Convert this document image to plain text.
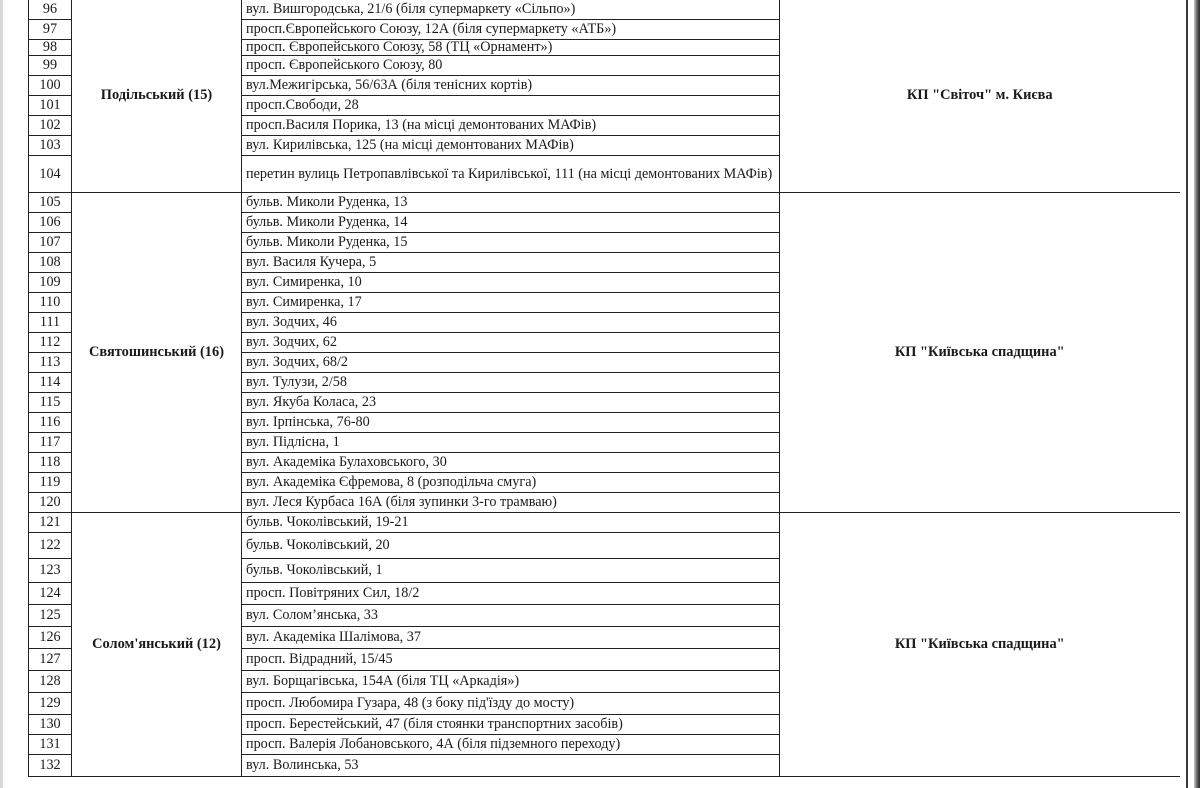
96	Подільський (15)	вул. Вишгородська, 21/6 (біля супермаркету «Сільпо»)	КП "Світоч" м. Києва
97		просп.Європейського Союзу, 12А (біля супермаркету «АТБ»)	
98		просп. Європейського Союзу, 58 (ТЦ «Орнамент»)	
99		просп. Європейського Союзу, 80	
100		вул.Межигірська, 56/63А (біля тенісних кортів)	
101		просп.Свободи, 28	
102		просп.Василя Порика, 13 (на місці демонтованих МАФів)	
103		вул. Кирилівська, 125 (на місці демонтованих МАФів)	
104		перетин вулиць Петропавлівської та Кирилівської, 111 (на місці демонтованих МАФів)	
105	Святошинський (16)	бульв. Миколи Руденка, 13	КП "Київська спадщина"
106		бульв. Миколи Руденка, 14	
107		бульв. Миколи Руденка, 15	
108		вул. Василя Кучера, 5	
109		вул. Симиренка, 10	
110		вул. Симиренка, 17	
111		вул. Зодчих, 46	
112		вул. Зодчих, 62	
113		вул. Зодчих, 68/2	
114		вул. Тулузи, 2/58	
115		вул. Якуба Коласа, 23	
116		вул. Ірпінська, 76-80	
117		вул. Підлісна, 1	
118		вул. Академіка Булаховського, 30	
119		вул. Академіка Єфремова, 8 (розподільча смуга)	
120		вул. Леся Курбаса 16А (біля зупинки 3-го трамваю)	
121	Солом'янський (12)	бульв. Чоколівський, 19-21	КП "Київська спадщина"
122		бульв. Чоколівський, 20	
123		бульв. Чоколівський, 1	
124		просп. Повітряних Сил, 18/2	
125		вул. Солом’янська, 33	
126		вул. Академіка Шалімова, 37	
127		просп. Відрадний, 15/45	
128		вул. Борщагівська, 154А (біля ТЦ «Аркадія»)	
129		просп. Любомира Гузара, 48 (з боку під'їзду до мосту)	
130		просп. Берестейський, 47 (біля стоянки транспортних засобів)	
131		просп. Валерія Лобановського, 4А (біля підземного переходу)	
132		вул. Волинська, 53	
